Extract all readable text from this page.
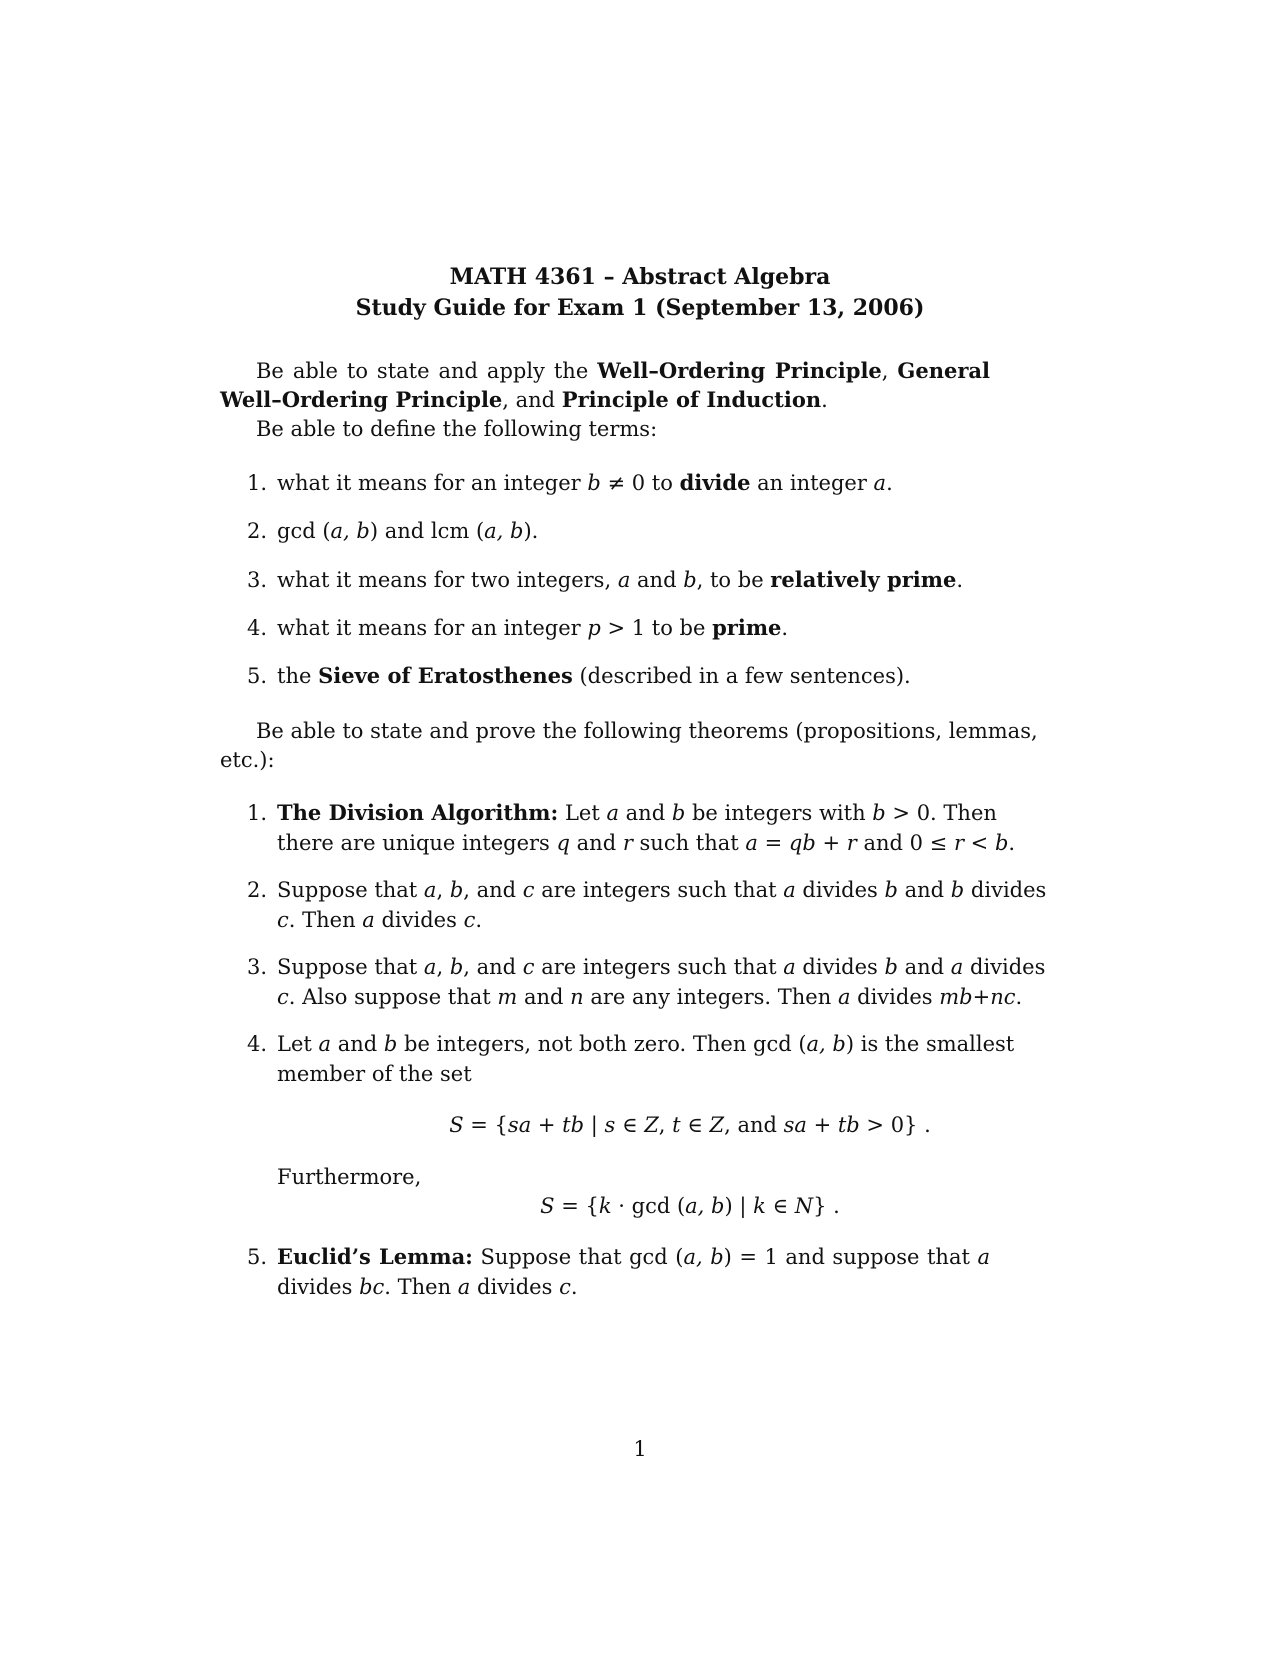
MATH 4361 – Abstract Algebra
Study Guide for Exam 1 (September 13, 2006)
Be able to state and apply the Well–Ordering Principle, General
Well–Ordering Principle, and Principle of Induction.
Be able to define the following terms:
1. what it means for an integer b ≠ 0 to divide an integer a.
2. gcd (a, b) and lcm (a, b).
3. what it means for two integers, a and b, to be relatively prime.
4. what it means for an integer p > 1 to be prime.
5. the Sieve of Eratosthenes (described in a few sentences).
Be able to state and prove the following theorems (propositions, lemmas,
etc.):
1. The Division Algorithm: Let a and b be integers with b > 0. Then
there are unique integers q and r such that a = qb + r and 0 ≤ r < b.
2. Suppose that a, b, and c are integers such that a divides b and b divides
c. Then a divides c.
3. Suppose that a, b, and c are integers such that a divides b and a divides
c. Also suppose that m and n are any integers. Then a divides mb+nc.
4. Let a and b be integers, not both zero. Then gcd (a, b) is the smallest
member of the set
S = {sa + tb | s ∈ Z, t ∈ Z, and sa + tb > 0} .
Furthermore,
S = {k · gcd (a, b) | k ∈ N} .
5. Euclid’s Lemma: Suppose that gcd (a, b) = 1 and suppose that a
divides bc. Then a divides c.
1
